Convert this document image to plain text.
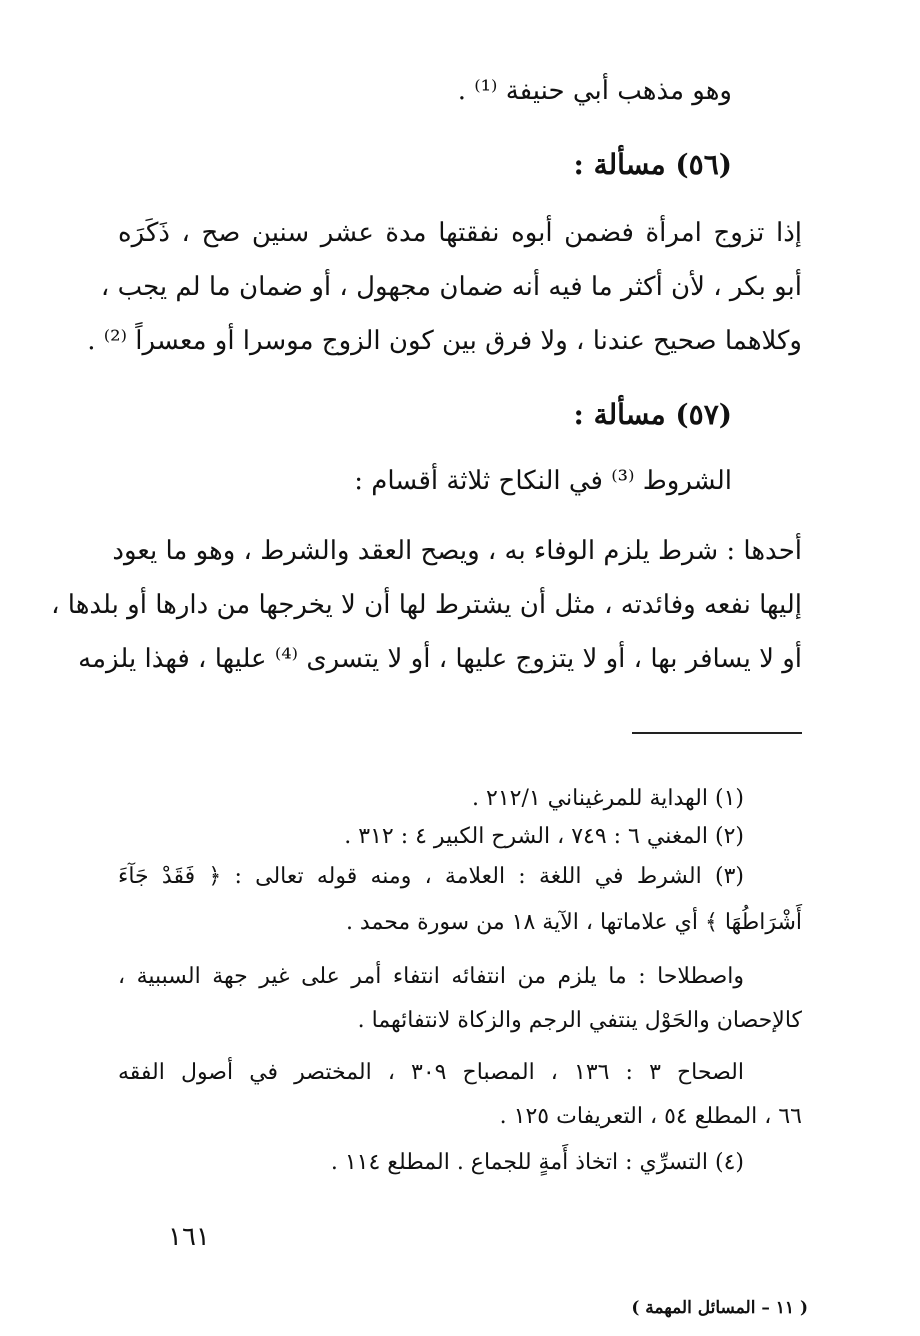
وهو مذهب أبي حنيفة ⁽¹⁾ .
(٥٦) مسألة :
إذا تزوج امرأة فضمن أبوه نفقتها مدة عشر سنين صح ، ذَكَرَه
أبو بكر ، لأن أكثر ما فيه أنه ضمان مجهول ، أو ضمان ما لم يجب ،
وكلاهما صحيح عندنا ، ولا فرق بين كون الزوج موسرا أو معسراً ⁽²⁾ .
(٥٧) مسألة :
الشروط ⁽³⁾ في النكاح ثلاثة أقسام :
أحدها : شرط يلزم الوفاء به ، ويصح العقد والشرط ، وهو ما يعود
إليها نفعه وفائدته ، مثل أن يشترط لها أن لا يخرجها من دارها أو بلدها ،
أو لا يسافر بها ، أو لا يتزوج عليها ، أو لا يتسرى ⁽⁴⁾ عليها ، فهذا يلزمه
(١) الهداية للمرغيناني ٢١٢/١ .
(٢) المغني ٦ : ٧٤٩ ، الشرح الكبير ٤ : ٣١٢ .
(٣) الشرط في اللغة : العلامة ، ومنه قوله تعالى : ﴿ فَقَدْ جَآءَ
أَشْرَاطُهَا ﴾ أي علاماتها ، الآية ١٨ من سورة محمد .
واصطلاحا : ما يلزم من انتفائه انتفاء أمر على غير جهة السببية ،
كالإحصان والحَوْل ينتفي الرجم والزكاة لانتفائهما .
الصحاح ٣ : ١٣٦ ، المصباح ٣٠٩ ، المختصر في أصول الفقه
٦٦ ، المطلع ٥٤ ، التعريفات ١٢٥ .
(٤) التسرِّي : اتخاذ أَمةٍ للجماع . المطلع ١١٤ .
١٦١
( ١١ – المسائل المهمة )
